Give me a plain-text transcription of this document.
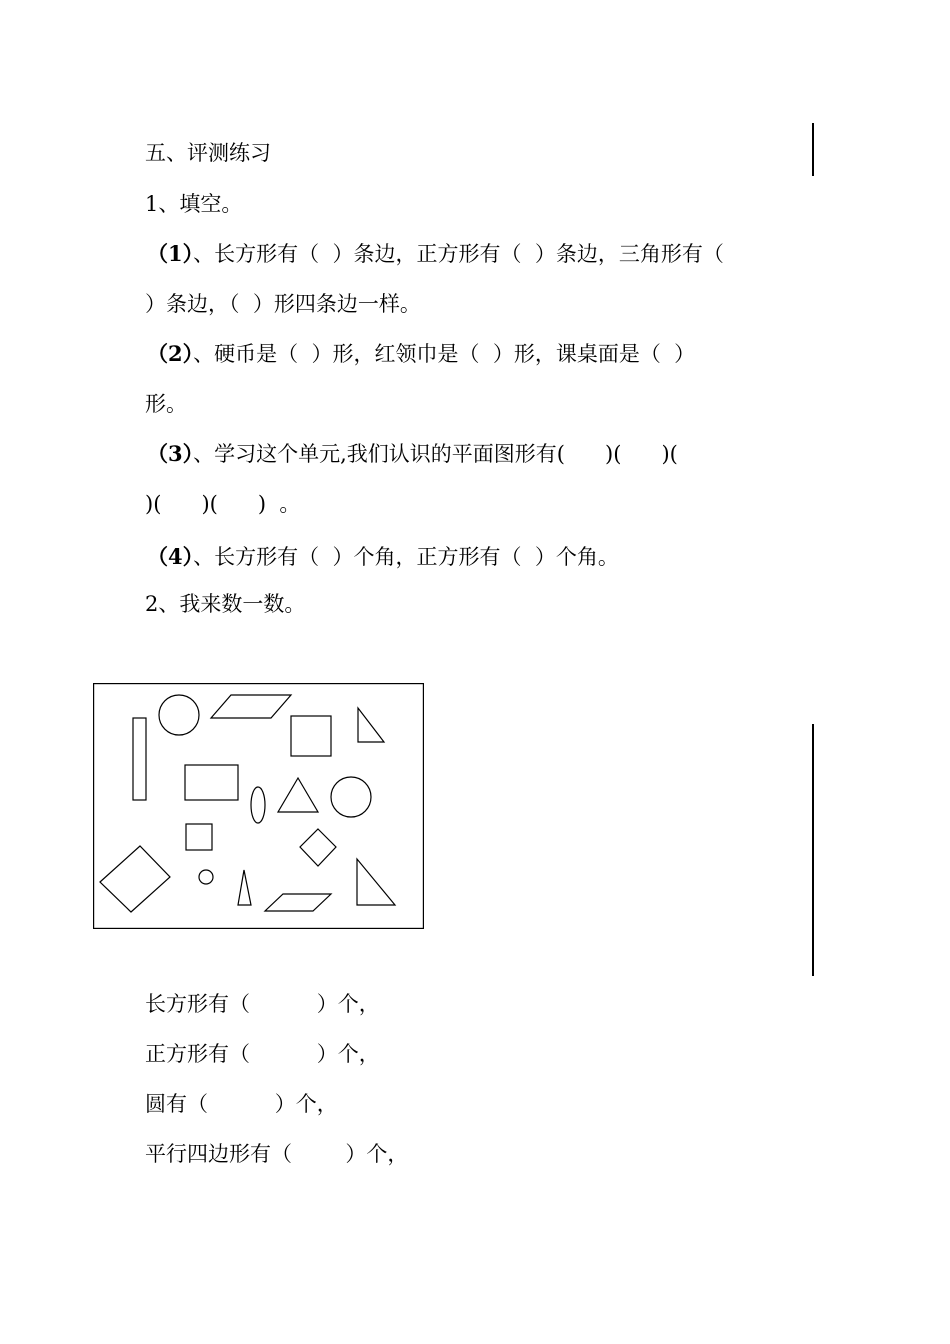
五、评测练习

1、填空。

（1）、长方形有（  ）条边，正方形有（  ）条边，三角形有（

）条边，（  ）形四条边一样。

（2）、硬币是（  ）形，红领巾是（  ）形，课桌面是（  ）

形。

（3）、学习这个单元,我们认识的平面图形有(      )(      )(

)(      )(      )  。

（4）、长方形有（  ）个角，正方形有（  ）个角。

2、我来数一数。

长方形有（          ）个，

正方形有（          ）个，

圆有（          ）个，

平行四边形有（        ）个，
